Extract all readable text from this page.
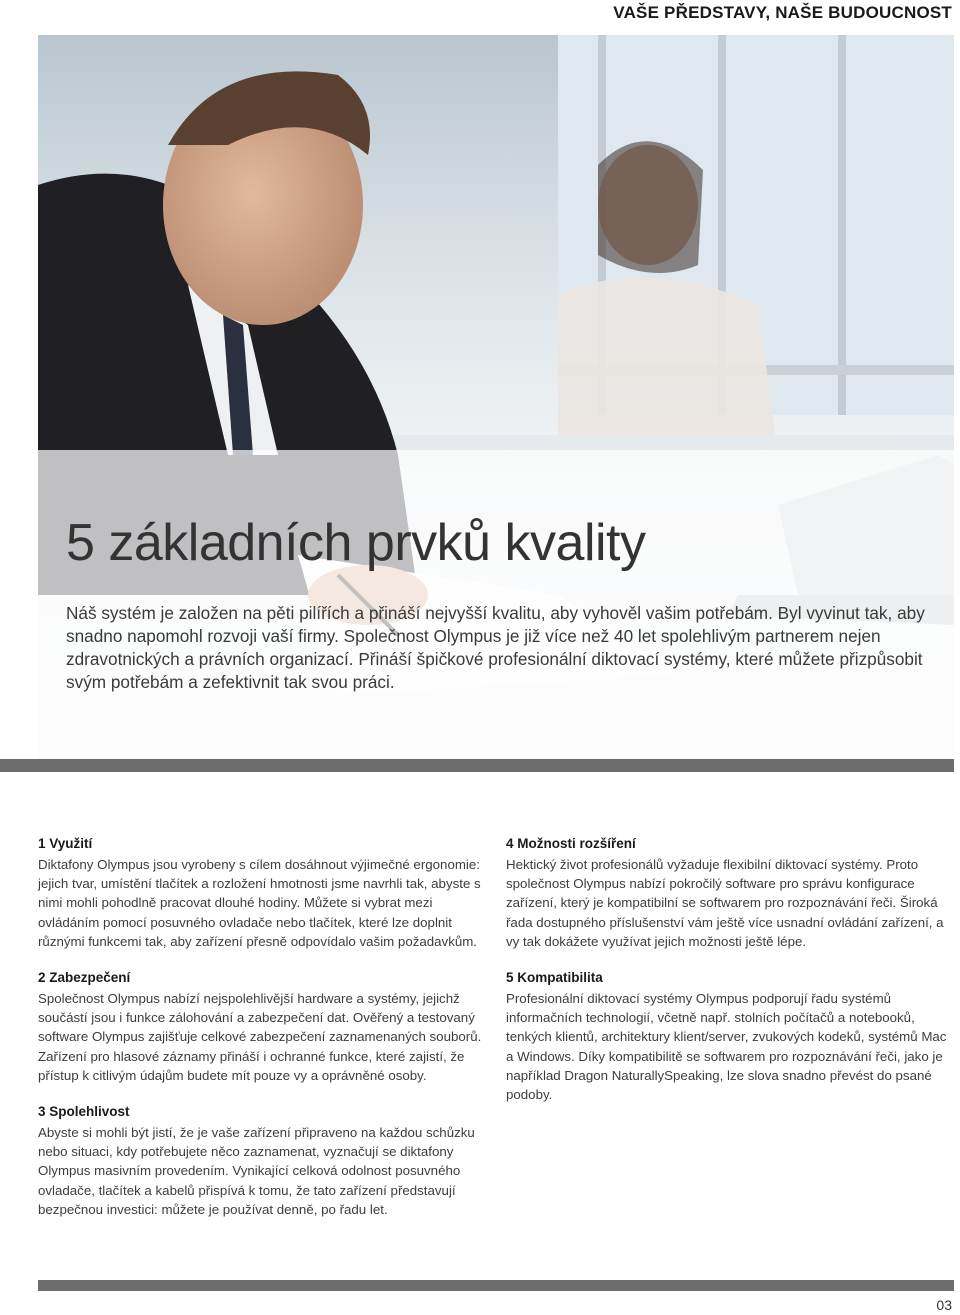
VAŠE PŘEDSTAVY, NAŠE BUDOUCNOST
5 základních prvků kvality

Náš systém je založen na pěti pilířích a přináší nejvyšší kvalitu, aby vyhověl vašim potřebám. Byl vyvinut tak, aby snadno napomohl rozvoji vaší firmy. Společnost Olympus je již více než 40 let spolehlivým partnerem nejen zdravotnických a právních organizací. Přináší špičkové profesionální diktovací systémy, které můžete přizpůsobit svým potřebám a zefektivnit tak svou práci.

1 Využití

Diktafony Olympus jsou vyrobeny s cílem dosáhnout výjimečné ergonomie: jejich tvar, umístění tlačítek a rozložení hmotnosti jsme navrhli tak, abyste s nimi mohli pohodlně pracovat dlouhé hodiny. Můžete si vybrat mezi ovládáním pomocí posuvného ovladače nebo tlačítek, které lze doplnit různými funkcemi tak, aby zařízení přesně odpovídalo vašim požadavkům.

2 Zabezpečení

Společnost Olympus nabízí nejspolehlivější hardware a systémy, jejichž součástí jsou i funkce zálohování a zabezpečení dat. Ověřený a testovaný software Olympus zajišťuje celkové zabezpečení zaznamenaných souborů. Zařízení pro hlasové záznamy přináší i ochranné funkce, které zajistí, že přístup k citlivým údajům budete mít pouze vy a oprávněné osoby.

3 Spolehlivost

Abyste si mohli být jistí, že je vaše zařízení připraveno na každou schůzku nebo situaci, kdy potřebujete něco zaznamenat, vyznačují se diktafony Olympus masivním provedením. Vynikající celková odolnost posuvného ovladače, tlačítek a kabelů přispívá k tomu, že tato zařízení představují bezpečnou investici: můžete je používat denně, po řadu let.

4 Možnosti rozšíření

Hektický život profesionálů vyžaduje flexibilní diktovací systémy. Proto společnost Olympus nabízí pokročilý software pro správu konfigurace zařízení, který je kompatibilní se softwarem pro rozpoznávání řeči. Široká řada dostupného příslušenství vám ještě více usnadní ovládání zařízení, a vy tak dokážete využívat jejich možnosti ještě lépe.

5 Kompatibilita

Profesionální diktovací systémy Olympus podporují řadu systémů informačních technologií, včetně např. stolních počítačů a notebooků, tenkých klientů, architektury klient/server, zvukových kodeků, systémů Mac a Windows. Díky kompatibilitě se softwarem pro rozpoznávání řeči, jako je například Dragon NaturallySpeaking, lze slova snadno převést do psané podoby.

03
